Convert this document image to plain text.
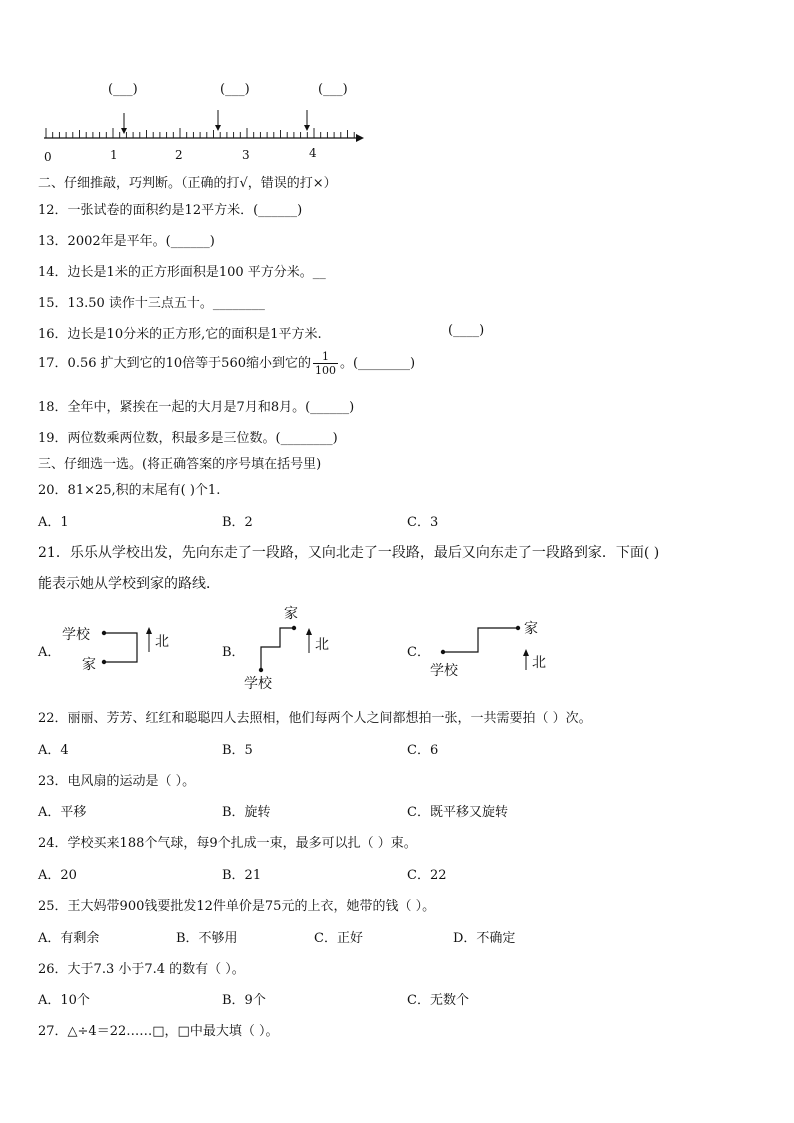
(___)	(___)	(___)
0	1	2	3	4
二、仔细推敲，巧判断。（正确的打√，错误的打×）
12．一张试卷的面积约是12平方米．(______)
13．2002年是平年。(______)
14．边长是1米的正方形面积是100 平方分米。__
15．13.50 读作十三点五十。________
16．边长是10分米的正方形,它的面积是1平方米.	(____)
17．0.56 扩大到它的10倍等于560缩小到它的 $\frac{1}{100}$ 。(________)
18．全年中，紧挨在一起的大月是7月和8月。(______)
19．两位数乘两位数，积最多是三位数。(________)
三、仔细选一选。(将正确答案的序号填在括号里)
20．81×25,积的末尾有( )个1.
A．1	B．2	C．3
21．乐乐从学校出发，先向东走了一段路，又向北走了一段路，最后又向东走了一段路到家．下面( )
能表示她从学校到家的路线．
A．
学校
家
北
B．
家
学校
北	C．
家
学校	北
22．丽丽、芳芳、红红和聪聪四人去照相，他们每两个人之间都想拍一张，一共需要拍（ ）次。
A．4	B．5	C．6
23．电风扇的运动是（ ）。
A．平移	B．旋转	C．既平移又旋转
24．学校买来188个气球，每9个扎成一束，最多可以扎（ ）束。
A．20	B．21	C．22
25．王大妈带900钱要批发12件单价是75元的上衣，她带的钱（ ）。
A．有剩余	B．不够用	C．正好	D．不确定
26．大于7.3 小于7.4 的数有（ ）。
A．10个	B．9个	C．无数个
27．△÷4＝22……□，□中最大填（ ）。
